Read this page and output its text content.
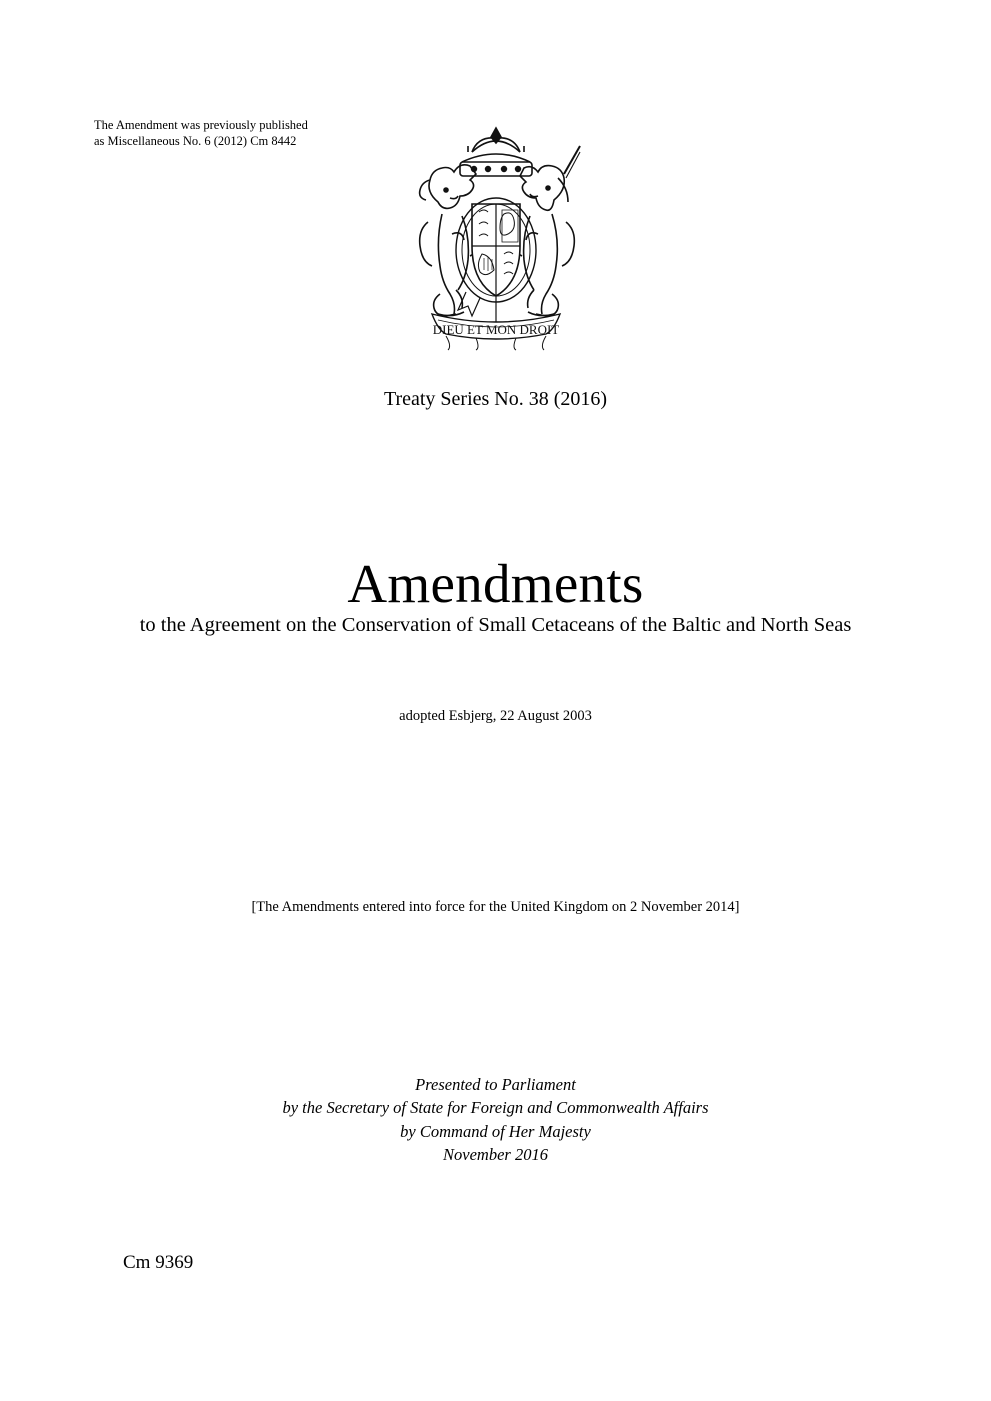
The Amendment was previously published as Miscellaneous No. 6 (2012) Cm 8442
DIEU ET MON DROIT
Treaty Series No. 38 (2016)
Amendments
to the Agreement on the Conservation of Small Cetaceans of the Baltic and North Seas
adopted Esbjerg, 22 August 2003
[The Amendments entered into force for the United Kingdom on 2 November 2014]
Presented to Parliament
by the Secretary of State for Foreign and Commonwealth Affairs
by Command of Her Majesty
November 2016
Cm 9369
